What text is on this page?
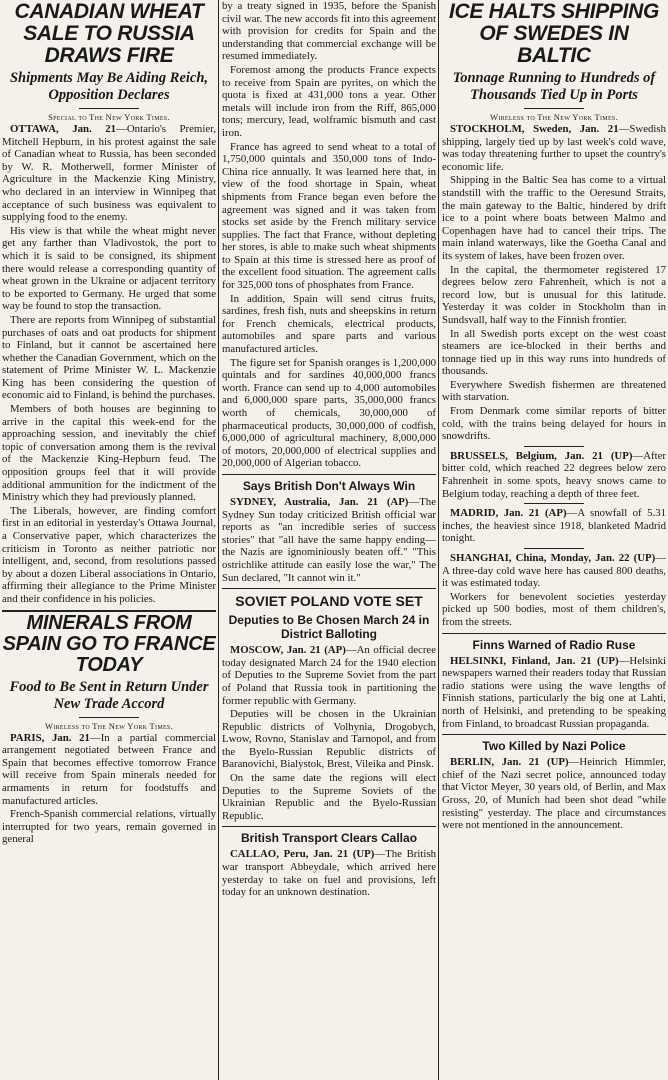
CANADIAN WHEAT SALE TO RUSSIA DRAWS FIRE
Shipments May Be Aiding Reich, Opposition Declares
Special to The New York Times.

OTTAWA, Jan. 21—Ontario's Premier, Mitchell Hepburn, in his protest against the sale of Canadian wheat to Russia, has been seconded by W. R. Motherwell, former Minister of Agriculture in the Mackenzie King Ministry, who declared in an interview in Winnipeg that acceptance of such business was equivalent to supplying food to the enemy.

His view is that while the wheat might never get any farther than Vladivostok, the port to which it is said to be consigned, its shipment there would release a corresponding quantity of wheat grown in the Ukraine or adjacent territory to be exported to Germany. He urged that some way be found to stop the transaction.

There are reports from Winnipeg of substantial purchases of oats and oat products for shipment to Finland, but it cannot be ascertained here whether the Canadian Government, which on the statement of Prime Minister W. L. Mackenzie King has been considering the question of economic aid to Finland, is behind the purchases.

Members of both houses are beginning to arrive in the capital this week-end for the approaching session, and inevitably the chief topic of conversation among them is the revival of the Mackenzie King-Hepburn feud. The opposition groups feel that it will provide additional ammunition for the indictment of the Ministry which they had previously planned.

The Liberals, however, are finding comfort first in an editorial in yesterday's Ottawa Journal, a Conservative paper, which characterizes the criticism in Toronto as neither patriotic nor intelligent, and, second, from resolutions passed by about a dozen Liberal associations in Ontario, affirming their allegiance to the Prime Minister and their confidence in his policies.

MINERALS FROM SPAIN GO TO FRANCE TODAY
Food to Be Sent in Return Under New Trade Accord
Wireless to The New York Times.

PARIS, Jan. 21—In a partial commercial arrangement negotiated between France and Spain that becomes effective tomorrow France will receive from Spain minerals needed for armaments in return for foodstuffs and manufactured articles.

French-Spanish commercial relations, virtually interrupted for two years, remain governed in general

by a treaty signed in 1935, before the Spanish civil war. The new accords fit into this agreement with provision for credits for Spain and the understanding that commercial exchange will be resumed immediately.

Foremost among the products France expects to receive from Spain are pyrites, on which the quota is fixed at 431,000 tons a year. Other metals will include iron from the Riff, 865,000 tons; mercury, lead, wolframic bismuth and cast iron.

France has agreed to send wheat to a total of 1,750,000 quintals and 350,000 tons of Indo-China rice annually. It was learned here that, in view of the food shortage in Spain, wheat shipments from France began even before the agreement was signed and it was taken from stocks set aside by the French military service supplies. The fact that France, without depleting her stores, is able to make such wheat shipments to Spain at this time is stressed here as proof of the excellent food situation. The agreement calls for 325,000 tons of phosphates from France.

In addition, Spain will send citrus fruits, sardines, fresh fish, nuts and sheepskins in return for French chemicals, electrical products, automobiles and spare parts and various manufactured articles.

The figure set for Spanish oranges is 1,200,000 quintals and for sardines 40,000,000 francs worth. France can send up to 4,000 automobiles and 6,000,000 spare parts, 35,000,000 francs worth of chemicals, 30,000,000 of pharmaceutical products, 30,000,000 of codfish, 6,000,000 of agricultural machinery, 8,000,000 of motors, 20,000,000 of electrical supplies and 20,000,000 of Algerian tobacco.

Says British Don't Always Win

SYDNEY, Australia, Jan. 21 (AP)—The Sydney Sun today criticized British official war reports as "an incredible series of success stories" that "all have the same happy ending—the Nazis are ignominiously beaten off." "This ostrichlike attitude can easily lose the war," The Sun declared, "It cannot win it."

SOVIET POLAND VOTE SET
Deputies to Be Chosen March 24 in District Balloting

MOSCOW, Jan. 21 (AP)—An official decree today designated March 24 for the 1940 election of Deputies to the Supreme Soviet from the part of Poland that Russia took in partitioning the former republic with Germany.

Deputies will be chosen in the Ukrainian Republic districts of Volhynia, Drogobych, Lwow, Rovno, Stanislav and Tarnopol, and from the Byelo-Russian Republic districts of Baranovichi, Bialystok, Brest, Vileika and Pinsk.

On the same date the regions will elect Deputies to the Supreme Soviets of the Ukrainian Republic and the Byelo-Russian Republic.

British Transport Clears Callao

CALLAO, Peru, Jan. 21 (UP)—The British war transport Abbeydale, which arrived here yesterday to take on fuel and provisions, left today for an unknown destination.

ICE HALTS SHIPPING OF SWEDES IN BALTIC
Tonnage Running to Hundreds of Thousands Tied Up in Ports
Wireless to The New York Times.

STOCKHOLM, Sweden, Jan. 21—Swedish shipping, largely tied up by last week's cold wave, was today threatening further to upset the country's economic life.

Shipping in the Baltic Sea has come to a virtual standstill with the traffic to the Oeresund Straits, the main gateway to the Baltic, hindered by drift ice to a point where boats between Malmo and Copenhagen have had to cancel their trips. The main inland waterways, like the Goetha Canal and its system of lakes, have been frozen over.

In the capital, the thermometer registered 17 degrees below zero Fahrenheit, which is not a record low, but is unusual for this latitude. Yesterday it was colder in Stockholm than in Sundsvall, half way to the Finnish frontier.

In all Swedish ports except on the west coast steamers are ice-blocked in their berths and tonnage tied up in this way runs into hundreds of thousands.

Everywhere Swedish fishermen are threatened with starvation.

From Denmark come similar reports of bitter cold, with the trains being delayed for hours in snowdrifts.

BRUSSELS, Belgium, Jan. 21 (UP)—After bitter cold, which reached 22 degrees below zero Fahrenheit in some spots, heavy snows came to Belgium today, reaching a depth of three feet.

MADRID, Jan. 21 (AP)—A snowfall of 5.31 inches, the heaviest since 1918, blanketed Madrid tonight.

SHANGHAI, China, Monday, Jan. 22 (UP)—A three-day cold wave here has caused 800 deaths, it was estimated today.

Workers for benevolent societies yesterday picked up 500 bodies, most of them children's, from the streets.

Finns Warned of Radio Ruse

HELSINKI, Finland, Jan. 21 (UP)—Helsinki newspapers warned their readers today that Russian radio stations were using the wave lengths of Finnish stations, particularly the big one at Lahti, north of Helsinki, and pretending to be speaking from Finland, to broadcast Russian propaganda.

Two Killed by Nazi Police

BERLIN, Jan. 21 (UP)—Heinrich Himmler, chief of the Nazi secret police, announced today that Victor Meyer, 30 years old, of Berlin, and Max Gross, 20, of Munich had been shot dead "while resisting" yesterday. The place and circumstances were not mentioned in the announcement.
